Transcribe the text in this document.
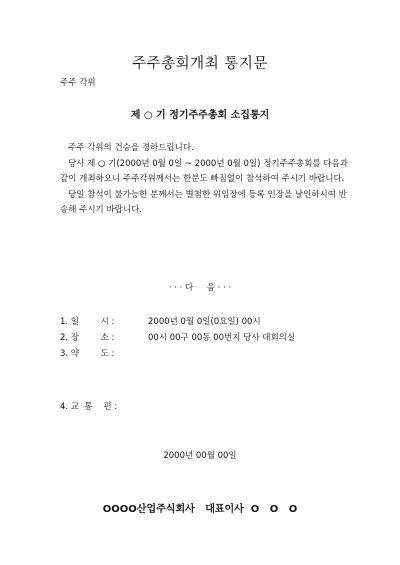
주주총회개최 통지문
주주 각위
제 ○ 기 정기주주총회 소집통지

주주 각위의 건승을 경하드립니다.

당사 제 ○ 기(2000년 0월 0일 ~ 2000년 0월 0일) 정기주주총회를 다음과 같이 개최하오니 주주각위께서는 한분도 빠짐없이 참석하여 주시기 바랍니다.

당일 참석이 불가능한 분께서는 별첨한 위임장에 등록 인장을 날인하시여 반송해 주시기 바랍니다.

· · · 다     음 · · ·
1. 일        시 :	2000년 0월 0일(0요일) 00시
2. 장        소 :	00시 00구 00동 00번지 당사 대회의실
3. 약        도 :
4. 교  통    편 :
2000년 00월 00일
OOOO산업주식회사   대표이사  O   O   O
